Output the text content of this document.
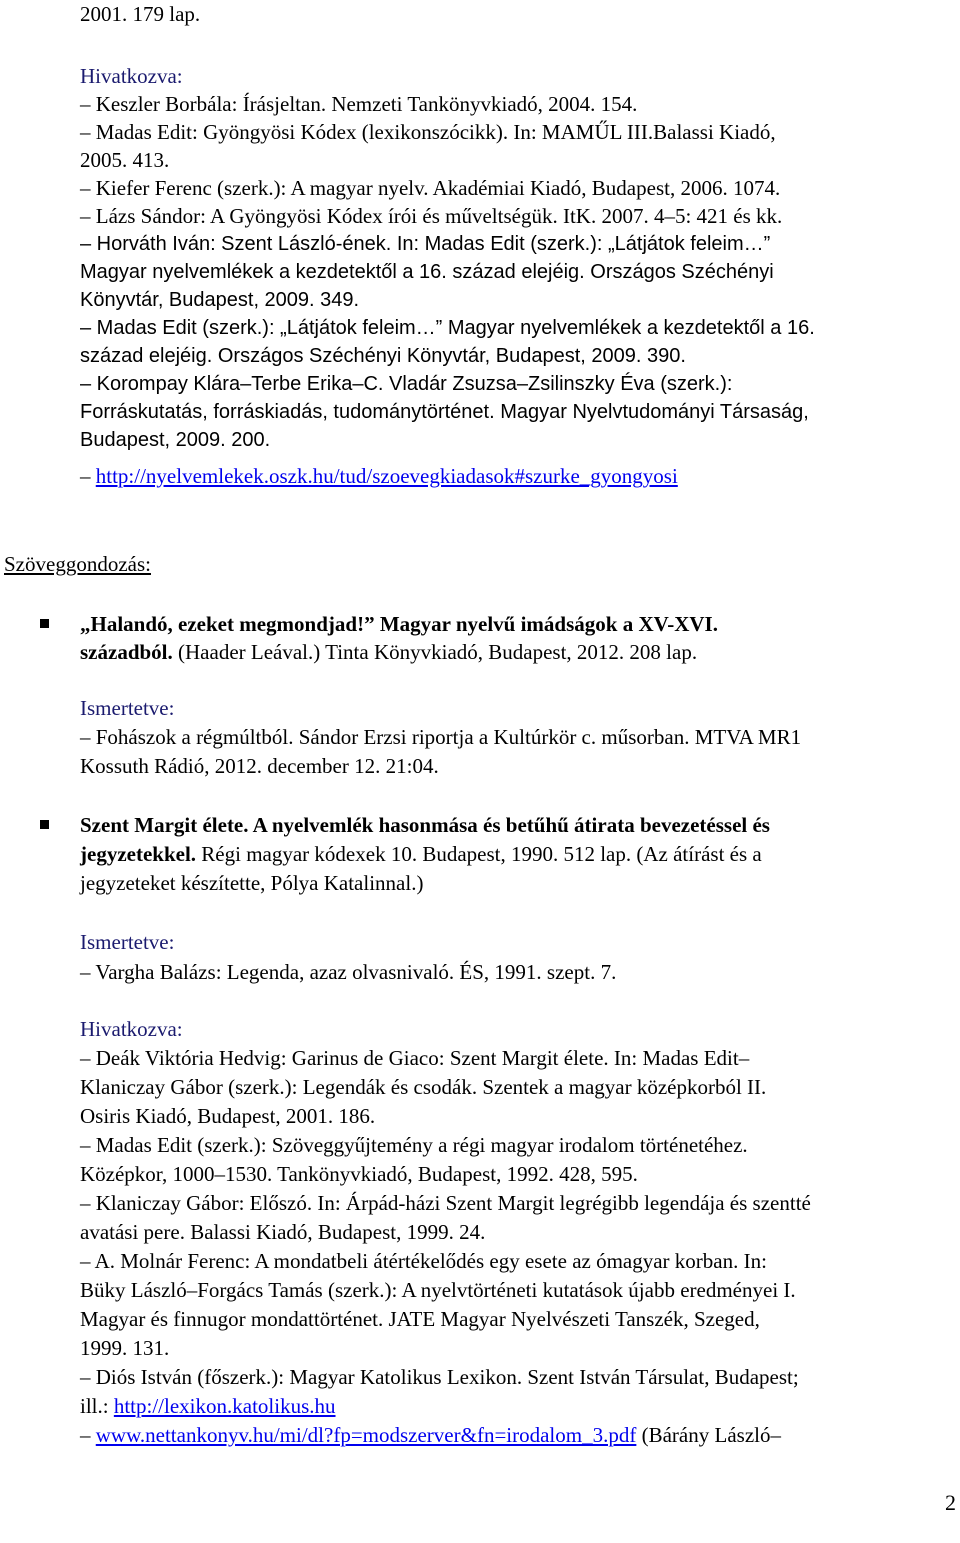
2001. 179 lap.
Hivatkozva:
– Keszler Borbála: Írásjeltan. Nemzeti Tankönyvkiadó, 2004. 154.
– Madas Edit: Gyöngyösi Kódex (lexikonszócikk). In: MAMŰL III.Balassi Kiadó,
2005. 413.
– Kiefer Ferenc (szerk.): A magyar nyelv. Akadémiai Kiadó, Budapest, 2006. 1074.
– Lázs Sándor: A Gyöngyösi Kódex írói és műveltségük. ItK. 2007. 4–5: 421 és kk.
– Horváth Iván: Szent László-ének. In: Madas Edit (szerk.): „Látjátok feleim…”
Magyar nyelvemlékek a kezdetektől a 16. század elejéig. Országos Széchényi
Könyvtár, Budapest, 2009. 349.
– Madas Edit (szerk.): „Látjátok feleim…” Magyar nyelvemlékek a kezdetektől a 16.
század elejéig. Országos Széchényi Könyvtár, Budapest, 2009. 390.
– Korompay Klára–Terbe Erika–C. Vladár Zsuzsa–Zsilinszky Éva (szerk.):
Forráskutatás, forráskiadás, tudománytörténet. Magyar Nyelvtudományi Társaság,
Budapest, 2009. 200.
– http://nyelvemlekek.oszk.hu/tud/szoevegkiadasok#szurke_gyongyosi
Szöveggondozás:
„Halandó, ezeket megmondjad!” Magyar nyelvű imádságok a XV-XVI.
századból. (Haader Leával.) Tinta Könyvkiadó, Budapest, 2012. 208 lap.
Ismertetve:
– Fohászok a régmúltból. Sándor Erzsi riportja a Kultúrkör c. műsorban. MTVA MR1
Kossuth Rádió, 2012. december 12. 21:04.
Szent Margit élete. A nyelvemlék hasonmása és betűhű átirata bevezetéssel és
jegyzetekkel. Régi magyar kódexek 10. Budapest, 1990. 512 lap. (Az átírást és a
jegyzeteket készítette, Pólya Katalinnal.)
Ismertetve:
– Vargha Balázs: Legenda, azaz olvasnivaló. ÉS, 1991. szept. 7.
Hivatkozva:
– Deák Viktória Hedvig: Garinus de Giaco: Szent Margit élete. In: Madas Edit–
Klaniczay Gábor (szerk.): Legendák és csodák. Szentek a magyar középkorból II.
Osiris Kiadó, Budapest, 2001. 186.
– Madas Edit (szerk.): Szöveggyűjtemény a régi magyar irodalom történetéhez.
Középkor, 1000–1530. Tankönyvkiadó, Budapest, 1992. 428, 595.
– Klaniczay Gábor: Előszó. In: Árpád-házi Szent Margit legrégibb legendája és szentté
avatási pere. Balassi Kiadó, Budapest, 1999. 24.
– A. Molnár Ferenc: A mondatbeli átértékelődés egy esete az ómagyar korban. In:
Büky László–Forgács Tamás (szerk.): A nyelvtörténeti kutatások újabb eredményei I.
Magyar és finnugor mondattörténet. JATE Magyar Nyelvészeti Tanszék, Szeged,
1999. 131.
– Diós István (főszerk.): Magyar Katolikus Lexikon. Szent István Társulat, Budapest;
ill.: http://lexikon.katolikus.hu
– www.nettankonyv.hu/mi/dl?fp=modszerver&fn=irodalom_3.pdf (Bárány László–
2
